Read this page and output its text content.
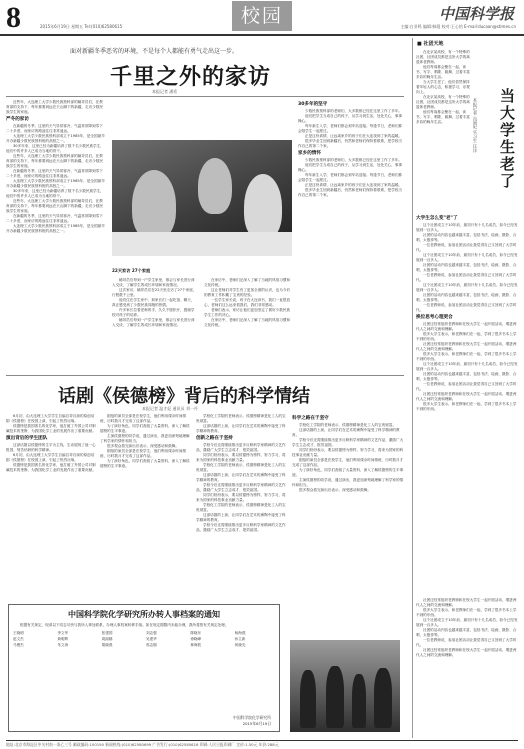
8	2015年6月19日 星期五 Tel:(010)62580615	校园	中国科学报
主编:白亚鸣 编辑:韩琨 校对:王心怡 E-mail:ducaan@stimes.cn
面对新疆冬季恶劣的环境，不是每个人都能有勇气走出这一步。
千里之外的家访
本报记者 潘希

近些年，大连理工大学少数民族预科部的辅导员们，在教育部的支持下，每年都要到远在天山脚下的新疆，走访少数民族学生的家庭。

严冬的家访

在新疆的冬季，这里的天气异常寒冷，气温常常降到零下二十多度，而家访的路途往往非常遥远。

大连理工大学少数民族预科部成立于1985年，是全国最早开办新疆少数民族预科班的高校之一。

30多年来，这里已经为新疆培养了数千名少数民族学生，他们中的许多人已成为当地的骨干。

近些年，大连理工大学少数民族预科部的辅导员们，在教育部的支持下，每年都要到远在天山脚下的新疆，走访少数民族学生的家庭。

在新疆的冬季，这里的天气异常寒冷，气温常常降到零下二十多度，而家访的路途往往非常遥远。

大连理工大学少数民族预科部成立于1985年，是全国最早开办新疆少数民族预科班的高校之一。

30多年来，这里已经为新疆培养了数千名少数民族学生，他们中的许多人已成为当地的骨干。

近些年，大连理工大学少数民族预科部的辅导员们，在教育部的支持下，每年都要到远在天山脚下的新疆，走访少数民族学生的家庭。

在新疆的冬季，这里的天气异常寒冷，气温常常降到零下二十多度，而家访的路途往往非常遥远。

大连理工大学少数民族预科部成立于1985年，是全国最早开办新疆少数民族预科班的高校之一。

22天家访 27个家庭

辅导员们每到一户学生家里，都会与家长进行深入交谈，了解学生的成长环境和家庭情况。

这次家访，辅导员们在22天里走访了27个家庭，行程数千公里。

他们住在学生家中，和家长们一起吃饭、聊天，真正感受到了少数民族同胞的热情。

许多家长拉着老师的手，久久不愿松开，感谢学校对孩子的培养。

辅导员们每到一户学生家里，都会与家长进行深入交谈，了解学生的成长环境和家庭情况。

在家访中，老师们还深入了解了当地的风俗习惯和文化传统。

这让老师们对学生有了更加全面的认识，也为今后的教育工作积累了宝贵的经验。

一位学生家长说，孩子在大连读书，我们一直很放心，老师们这么远来看我们，我们非常感动。

老师们表示，家访让他们更加坚定了做好少数民族学生工作的决心。

在家访中，老师们还深入了解了当地的风俗习惯和文化传统。

30多年的坚守

少数民族预科部的老师们，大多数都已经在这里工作了多年。

他们把学生当成自己的孩子，从学习到生活，处处关心，事事操心。

每年新生入学，老师们都会到车站迎接；每逢节日，老师们都会陪学生一起度过。

正是这份真情，让远离家乡的孩子们在大连找到了家的温暖。

很多毕业生回到新疆后，仍然和老师们保持着联系，把学校当作自己的第二个家。

家乡的情怀

少数民族预科部的老师们，大多数都已经在这里工作了多年。

他们把学生当成自己的孩子，从学习到生活，处处关心，事事操心。

每年新生入学，老师们都会到车站迎接；每逢节日，老师们都会陪学生一起度过。

正是这份真情，让远离家乡的孩子们在大连找到了家的温暖。

很多毕业生回到新疆后，仍然和老师们保持着联系，把学校当作自己的第二个家。

话剧《侯德榜》背后的科学情结
本报记者 温才妃 通讯员 刘一丹

6月初，由大连理工大学学生自编自导自演的原创话剧《侯德榜》在校园上演，引起了热烈反响。

侯德榜是我国著名的化学家，他打破了外国公司对制碱技术的垄断，为我国化学工业的发展作出了重要贡献。

演出背后的学生团队

这部话剧以侯德榜的生平为主线，生动展现了他一心报国、刻苦钻研的科学精神。

6月初，由大连理工大学学生自编自导自演的原创话剧《侯德榜》在校园上演，引起了热烈反响。

侯德榜是我国著名的化学家，他打破了外国公司对制碱技术的垄断，为我国化学工业的发展作出了重要贡献。

剧组的演员全部是在校学生，他们利用课余时间排练，历时数月才完成了这部作品。

为了演好角色，同学们查阅了大量资料，深入了解侯德榜的生平事迹。

主演侯德榜的同学说，通过演出，我更加深刻地理解了科学家的情怀和担当。

很多观众看完演出后表示，深受感动和鼓舞。

剧组的演员全部是在校学生，他们利用课余时间排练，历时数月才完成了这部作品。

为了演好角色，同学们查阅了大量资料，深入了解侯德榜的生平事迹。

学校化工学院的老师表示，侯德榜精神是化工人的宝贵财富。

这部话剧的上演，让同学们在艺术的熏陶中接受了科学精神的教育。

创新之路在于坚持

学校今后还将继续推出更多反映科学家精神的文艺作品，激励广大学生立志成才、报效祖国。

同学们纷纷表示，要以侯德榜为榜样，努力学习，将来为国家的科技事业贡献力量。

学校化工学院的老师表示，侯德榜精神是化工人的宝贵财富。

这部话剧的上演，让同学们在艺术的熏陶中接受了科学精神的教育。

学校今后还将继续推出更多反映科学家精神的文艺作品，激励广大学生立志成才、报效祖国。

同学们纷纷表示，要以侯德榜为榜样，努力学习，将来为国家的科技事业贡献力量。

学校化工学院的老师表示，侯德榜精神是化工人的宝贵财富。

这部话剧的上演，让同学们在艺术的熏陶中接受了科学精神的教育。

学校今后还将继续推出更多反映科学家精神的文艺作品，激励广大学生立志成才、报效祖国。

科学之路在于坚守

学校化工学院的老师表示，侯德榜精神是化工人的宝贵财富。

这部话剧的上演，让同学们在艺术的熏陶中接受了科学精神的教育。

学校今后还将继续推出更多反映科学家精神的文艺作品，激励广大学生立志成才、报效祖国。

同学们纷纷表示，要以侯德榜为榜样，努力学习，将来为国家的科技事业贡献力量。

剧组的演员全部是在校学生，他们利用课余时间排练，历时数月才完成了这部作品。

为了演好角色，同学们查阅了大量资料，深入了解侯德榜的生平事迹。

主演侯德榜的同学说，通过演出，我更加深刻地理解了科学家的情怀和担当。

很多观众看完演出后表示，深受感动和鼓舞。

中国科学院化学研究所办转人事档案的通知

根据有关规定，现请以下同志尽快与我所人事处联系，办理人事档案转移手续。如在规定期限内未能办理，我所将按有关规定处理。

王晓明	李文华	张建国	刘志强	陈晓东	杨海燕
赵文杰	黄明辉	周丽娜	吴建华	徐晓峰	孙立新
马俊杰	朱文涛	胡晓燕	郭志刚	林海波	何晓光
中国科学院化学研究所
2015年6月19日
■ 社团天地
当大学生老了
本报记者 冯丽妃 实习生 汪洋

在北京某高校，有一个特殊的社团，社团成员都是这所大学的离退休老教师。

他们每周都会聚在一起，读书、写字、唱歌、跳舞，过着丰富多彩的晚年生活。

当大学生老了，他们依然保持着年轻人的心态，积极学习，乐观向上。

在北京某高校，有一个特殊的社团，社团成员都是这所大学的离退休老教师。

他们每周都会聚在一起，读书、写字、唱歌、跳舞，过着丰富多彩的晚年生活。

大学生怎么变"老"了

这个社团成立于10年前，最初只有十几名成员，如今已经发展到一百多人。

社团的活动内容也越来越丰富，包括书法、绘画、摄影、合唱、太极拳等。

一位老教师说，参加社团活动让我觉得自己又回到了大学时代。

这个社团成立于10年前，最初只有十几名成员，如今已经发展到一百多人。

社团的活动内容也越来越丰富，包括书法、绘画、摄影、合唱、太极拳等。

一位老教师说，参加社团活动让我觉得自己又回到了大学时代。

这个社团成立于10年前，最初只有十几名成员，如今已经发展到一百多人。

社团的活动内容也越来越丰富，包括书法、绘画、摄影、合唱、太极拳等。

一位老教师说，参加社团活动让我觉得自己又回到了大学时代。

换位思考心理更合

社团还经常组织老教师和在校大学生一起开展活动，增进两代人之间的交流和理解。

很多大学生表示，和老教师们在一起，学到了很多书本上学不到的东西。

社团还经常组织老教师和在校大学生一起开展活动，增进两代人之间的交流和理解。

很多大学生表示，和老教师们在一起，学到了很多书本上学不到的东西。

这个社团成立于10年前，最初只有十几名成员，如今已经发展到一百多人。

社团的活动内容也越来越丰富，包括书法、绘画、摄影、合唱、太极拳等。

一位老教师说，参加社团活动让我觉得自己又回到了大学时代。

社团还经常组织老教师和在校大学生一起开展活动，增进两代人之间的交流和理解。

很多大学生表示，和老教师们在一起，学到了很多书本上学不到的东西。

社团还经常组织老教师和在校大学生一起开展活动，增进两代人之间的交流和理解。

很多大学生表示，和老教师们在一起，学到了很多书本上学不到的东西。

这个社团成立于10年前，最初只有十几名成员，如今已经发展到一百多人。

社团的活动内容也越来越丰富，包括书法、绘画、摄影、合唱、太极拳等。

一位老教师说，参加社团活动让我觉得自己又回到了大学时代。

社团还经常组织老教师和在校大学生一起开展活动，增进两代人之间的交流和理解。

地址:北京市海淀区中关村南一条乙三号 邮政编码:100190 新闻热线:(010)62580699 广告发行:(010)62580616 印刷:人民日报印刷厂 定价:1.50元 年价:288元
